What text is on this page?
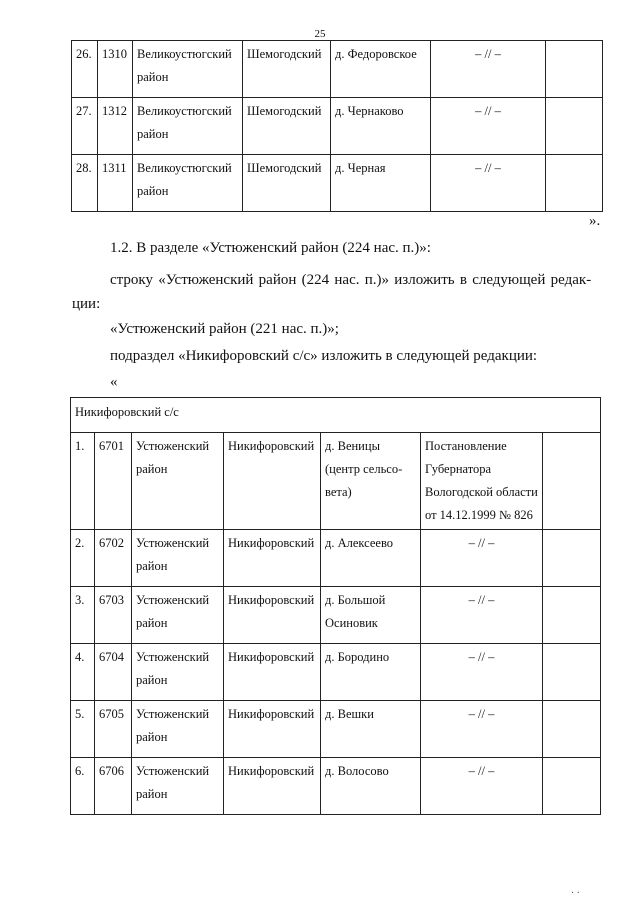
25
26.	1310	Великоустюгский район	Шемогодский	д. Федоровское	– // –	
27.	1312	Великоустюгский район	Шемогодский	д. Чернаково	– // –	
28.	1311	Великоустюгский район	Шемогодский	д. Черная	– // –	
».
1.2. В разделе «Устюженский район (224 нас. п.)»:
строку «Устюженский район (224 нас. п.)» изложить в следующей редак-
ции:
«Устюженский район (221 нас. п.)»;
подраздел «Никифоровский с/с» изложить в следующей редакции:
«
Никифоровский с/с						
1.	6701	Устюженский район	Никифоровский	д. Веницы (центр сельсо-вета)	Постановление Губернатора Вологодской области от 14.12.1999 № 826	
2.	6702	Устюженский район	Никифоровский	д. Алексеево	– // –	
3.	6703	Устюженский район	Никифоровский	д. Большой Осиновик	– // –	
4.	6704	Устюженский район	Никифоровский	д. Бородино	– // –	
5.	6705	Устюженский район	Никифоровский	д. Вешки	– // –	
6.	6706	Устюженский район	Никифоровский	д. Волосово	– // –	
· ·
